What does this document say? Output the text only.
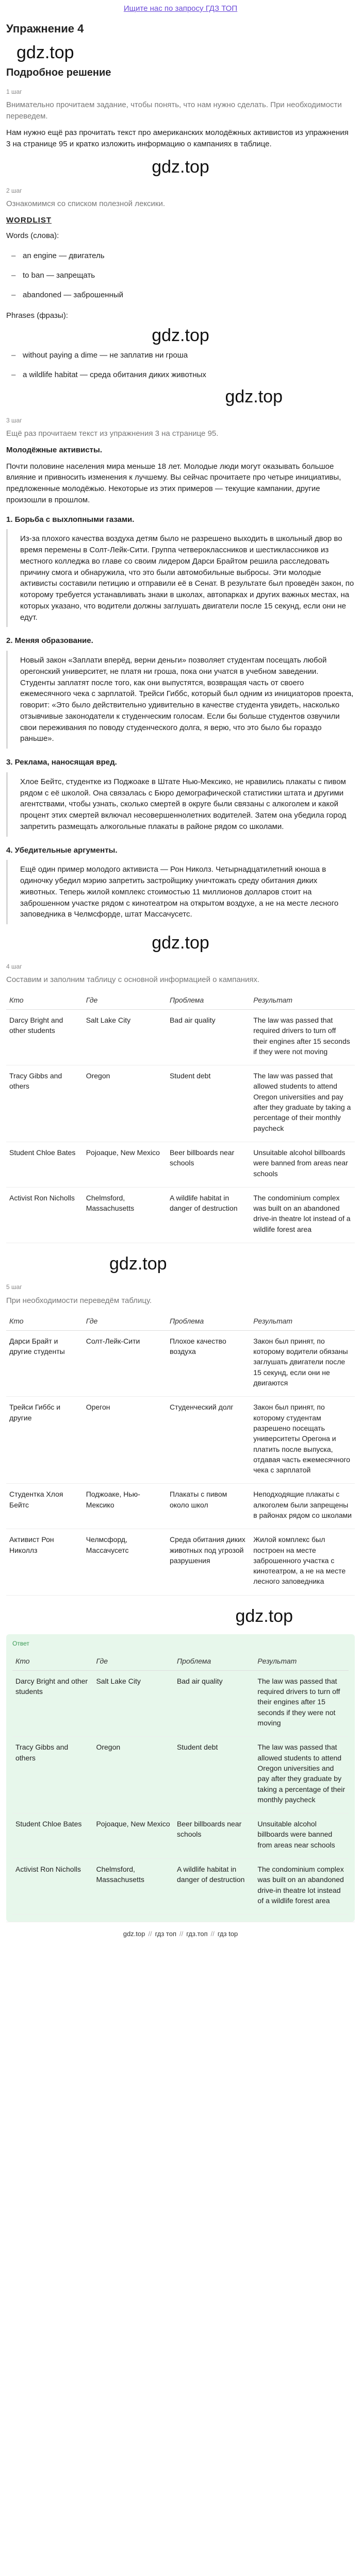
Ищите нас по запросу ГДЗ ТОП
Упражнение 4
gdz.top
Подробное решение
1 шаг

Внимательно прочитаем задание, чтобы понять, что нам нужно сделать. При необходимости переведем.

Нам нужно ещё раз прочитать текст про американских молодёжных активистов из упражнения 3 на странице 95 и кратко изложить информацию о кампаниях в таблице.

gdz.top
2 шаг

Ознакомимся со списком полезной лексики.

WORDLIST

Words (слова):

– an engine — двигатель
– to ban — запрещать
– abandoned — заброшенный

Phrases (фразы):

gdz.top
– without paying a dime — не заплатив ни гроша
– a wildlife habitat — среда обитания диких животных
gdz.top
3 шаг

Ещё раз прочитаем текст из упражнения 3 на странице 95.

Молодёжные активисты.

Почти половине населения мира меньше 18 лет. Молодые люди могут оказывать большое влияние и привносить изменения к лучшему. Вы сейчас прочитаете про четыре инициативы, предложенные молодёжью. Некоторые из этих примеров — текущие кампании, другие произошли в прошлом.

1. Борьба с выхлопными газами.
Из-за плохого качества воздуха детям было не разрешено выходить в школьный двор во время перемены в Солт-Лейк-Сити. Группа четвероклассников и шестиклассников из местного колледжа во главе со своим лидером Дарси Брайтом решила расследовать причину смога и обнаружила, что это были автомобильные выбросы. Эти молодые активисты составили петицию и отправили её в Сенат. В результате был проведён закон, по которому требуется устанавливать знаки в школах, автопарках и других важных местах, на которых указано, что водители должны заглушать двигатели после 15 секунд, если они не едут.
2. Меняя образование.
Новый закон «Заплати вперёд, верни деньги» позволяет студентам посещать любой орегонский университет, не платя ни гроша, пока они учатся в учебном заведении. Студенты заплатят после того, как они выпустятся, возвращая часть от своего ежемесячного чека с зарплатой. Трейси Гиббс, который был одним из инициаторов проекта, говорит: «Это было действительно удивительно в качестве студента увидеть, насколько отзывчивые законодатели к студенческим голосам. Если бы больше студентов озвучили свои переживания по поводу студенческого долга, я верю, что это было бы гораздо раньше».
3. Реклама, наносящая вред.
Хлое Бейтс, студентке из Поджоаке в Штате Нью-Мексико, не нравились плакаты с пивом рядом с её школой. Она связалась с Бюро демографической статистики штата и другими агентствами, чтобы узнать, сколько смертей в округе были связаны с алкоголем и какой процент этих смертей включал несовершеннолетних водителей. Затем она убедила город запретить размещать алкогольные плакаты в районе рядом со школами.
4. Убедительные аргументы.
Ещё один пример молодого активиста — Рон Николз. Четырнадцатилетний юноша в одиночку убедил мэрию запретить застройщику уничтожать среду обитания диких животных. Теперь жилой комплекс стоимостью 11 миллионов долларов стоит на заброшенном участке рядом с кинотеатром на открытом воздухе, а не на месте лесного заповедника в Челмсфорде, штат Массачусетс.
gdz.top
4 шаг

Составим и заполним таблицу с основной информацией о кампаниях.

Кто	Где	Проблема	Результат
Darcy Bright and other students	Salt Lake City	Bad air quality	The law was passed that required drivers to turn off their engines after 15 seconds if they were not moving
Tracy Gibbs and others	Oregon	Student debt	The law was passed that allowed students to attend Oregon universities and pay after they graduate by taking a percentage of their monthly paycheck
Student Chloe Bates	Pojoaque, New Mexico	Beer billboards near schools	Unsuitable alcohol billboards were banned from areas near schools
Activist Ron Nicholls	Chelmsford, Massachusetts	A wildlife habitat in danger of destruction	The condominium complex was built on an abandoned drive-in theatre lot instead of a wildlife forest area
gdz.top
5 шаг

При необходимости переведём таблицу.

Кто	Где	Проблема	Результат
Дарси Брайт и другие студенты	Солт-Лейк-Сити	Плохое качество воздуха	Закон был принят, по которому водители обязаны заглушать двигатели после 15 секунд, если они не двигаются
Трейси Гиббс и другие	Орегон	Студенческий долг	Закон был принят, по которому студентам разрешено посещать университеты Орегона и платить после выпуска, отдавая часть ежемесячного чека с зарплатой
Студентка Хлоя Бейтс	Поджоаке, Нью-Мексико	Плакаты с пивом около школ	Неподходящие плакаты с алкоголем были запрещены в районах рядом со школами
Активист Рон Николлз	Челмсфорд, Массачусетс	Среда обитания диких животных под угрозой разрушения	Жилой комплекс был построен на месте заброшенного участка с кинотеатром, а не на месте лесного заповедника
gdz.top
Ответ
Кто	Где	Проблема	Результат
Darcy Bright and other students	Salt Lake City	Bad air quality	The law was passed that required drivers to turn off their engines after 15 seconds if they were not moving
Tracy Gibbs and others	Oregon	Student debt	The law was passed that allowed students to attend Oregon universities and pay after they graduate by taking a percentage of their monthly paycheck
Student Chloe Bates	Pojoaque, New Mexico	Beer billboards near schools	Unsuitable alcohol billboards were banned from areas near schools
Activist Ron Nicholls	Chelmsford, Massachusetts	A wildlife habitat in danger of destruction	The condominium complex was built on an abandoned drive-in theatre lot instead of a wildlife forest area
gdz.top // гдз топ // гдз.топ // гдз top
